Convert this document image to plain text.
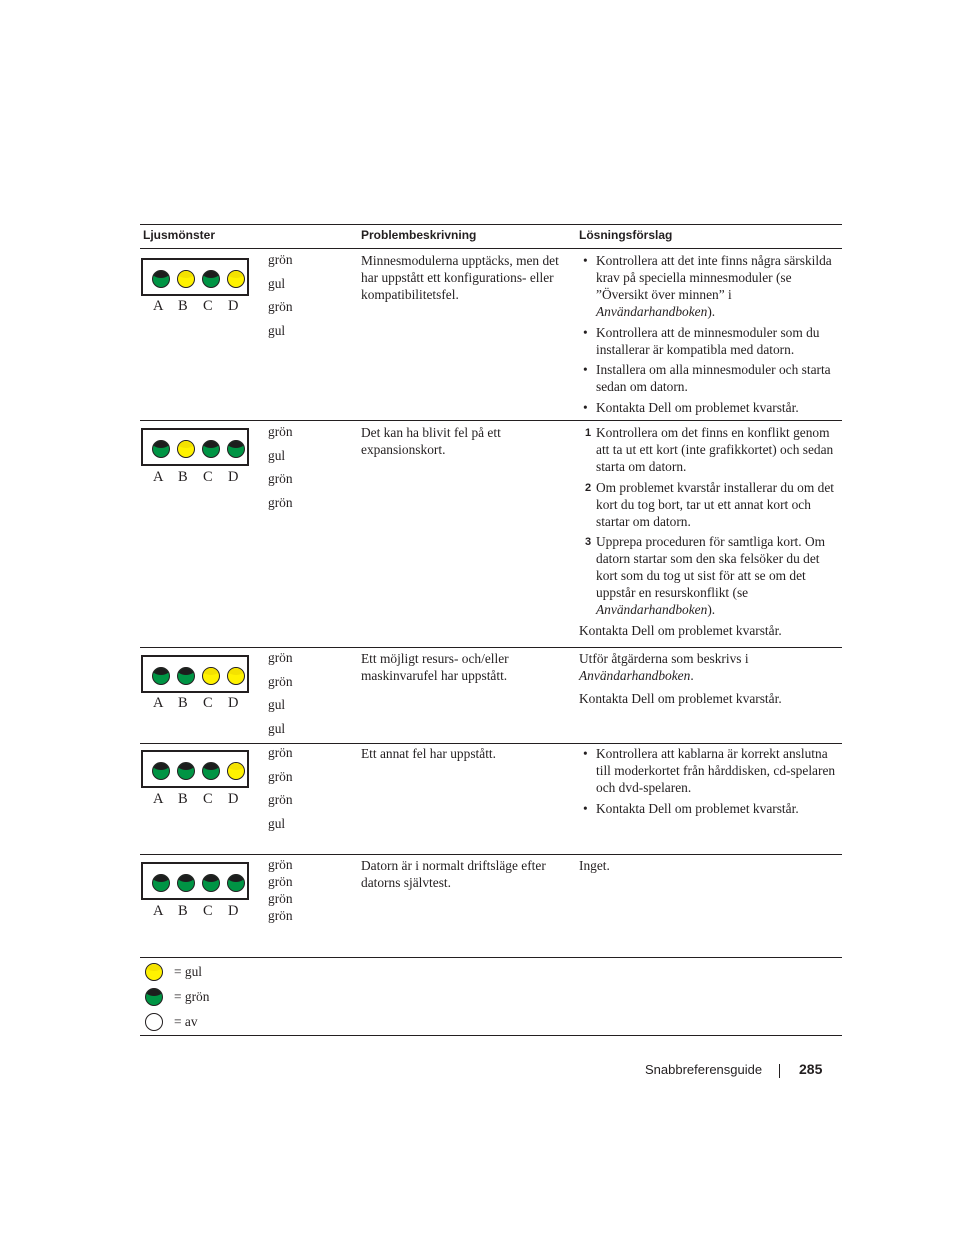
Ljusmönster	Problembeskrivning	Lösningsförslag
A B C D
grön
gul
grön
gul
Minnesmodulerna upptäcks, men det har uppstått ett konfigurations- eller kompatibilitetsfel.
• Kontrollera att det inte finns några särskilda krav på speciella minnesmoduler (se ”Översikt över minnen” i Användarhandboken).
• Kontrollera att de minnesmoduler som du installerar är kompatibla med datorn.
• Installera om alla minnesmoduler och starta sedan om datorn.
• Kontakta Dell om problemet kvarstår.
A B C D
grön
gul
grön
grön
Det kan ha blivit fel på ett expansionskort.
1 Kontrollera om det finns en konflikt genom att ta ut ett kort (inte grafikkortet) och sedan starta om datorn.
2 Om problemet kvarstår installerar du om det kort du tog bort, tar ut ett annat kort och startar om datorn.
3 Upprepa proceduren för samtliga kort. Om datorn startar som den ska felsöker du det kort som du tog ut sist för att se om det uppstår en resurskonflikt (se Användarhandboken).

Kontakta Dell om problemet kvarstår.

A B C D
grön
grön
gul
gul
Ett möjligt resurs- och/eller maskinvarufel har uppstått.

Utför åtgärderna som beskrivs i Användarhandboken.

Kontakta Dell om problemet kvarstår.

A B C D
grön
grön
grön
gul
Ett annat fel har uppstått.
•	Kontrollera att kablarna är korrekt anslutna till moderkortet från hårddisken, cd-spelaren och dvd-spelaren.
• Kontakta Dell om problemet kvarstår.
A B C D
grön
grön
grön
grön
Datorn är i normalt driftsläge efter datorns självtest.

Inget.

= gul
= grön
= av
Snabbreferensguide	285
